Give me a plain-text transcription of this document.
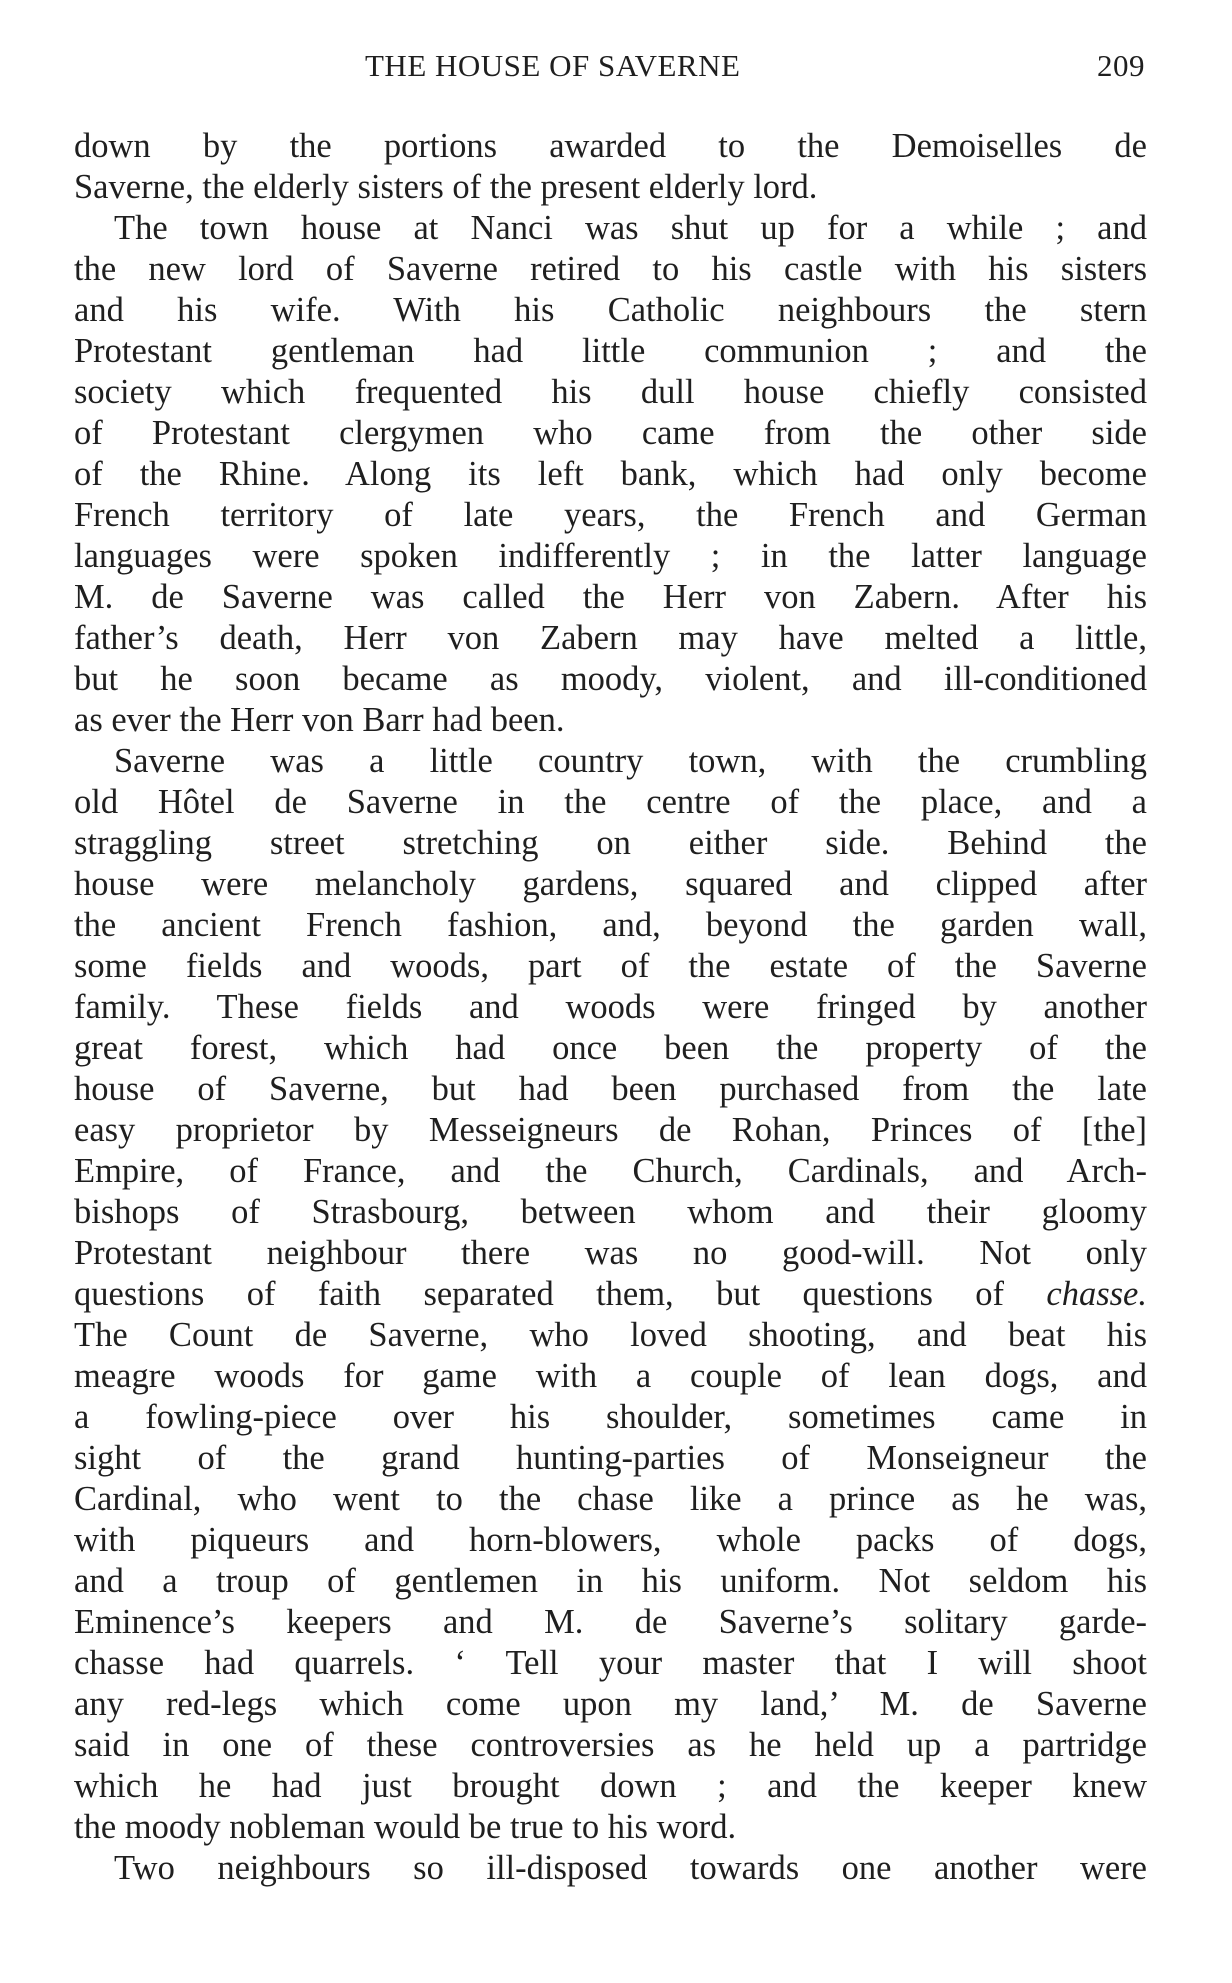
THE HOUSE OF SAVERNE	209
down by the portions awarded to the Demoiselles de
Saverne, the elderly sisters of the present elderly lord.
The town house at Nanci was shut up for a while ; and
the new lord of Saverne retired to his castle with his sisters
and his wife. With his Catholic neighbours the stern
Protestant gentleman had little communion ; and the
society which frequented his dull house chiefly consisted
of Protestant clergymen who came from the other side
of the Rhine. Along its left bank, which had only become
French territory of late years, the French and German
languages were spoken indifferently ; in the latter language
M. de Saverne was called the Herr von Zabern. After his
father’s death, Herr von Zabern may have melted a little,
but he soon became as moody, violent, and ill-conditioned
as ever the Herr von Barr had been.
Saverne was a little country town, with the crumbling
old Hôtel de Saverne in the centre of the place, and a
straggling street stretching on either side. Behind the
house were melancholy gardens, squared and clipped after
the ancient French fashion, and, beyond the garden wall,
some fields and woods, part of the estate of the Saverne
family. These fields and woods were fringed by another
great forest, which had once been the property of the
house of Saverne, but had been purchased from the late
easy proprietor by Messeigneurs de Rohan, Princes of [the]
Empire, of France, and the Church, Cardinals, and Arch-
bishops of Strasbourg, between whom and their gloomy
Protestant neighbour there was no good-will. Not only
questions of faith separated them, but questions of chasse.
The Count de Saverne, who loved shooting, and beat his
meagre woods for game with a couple of lean dogs, and
a fowling-piece over his shoulder, sometimes came in
sight of the grand hunting-parties of Monseigneur the
Cardinal, who went to the chase like a prince as he was,
with piqueurs and horn-blowers, whole packs of dogs,
and a troup of gentlemen in his uniform. Not seldom his
Eminence’s keepers and M. de Saverne’s solitary garde-
chasse had quarrels. ‘ Tell your master that I will shoot
any red-legs which come upon my land,’ M. de Saverne
said in one of these controversies as he held up a partridge
which he had just brought down ; and the keeper knew
the moody nobleman would be true to his word.
Two neighbours so ill-disposed towards one another were
